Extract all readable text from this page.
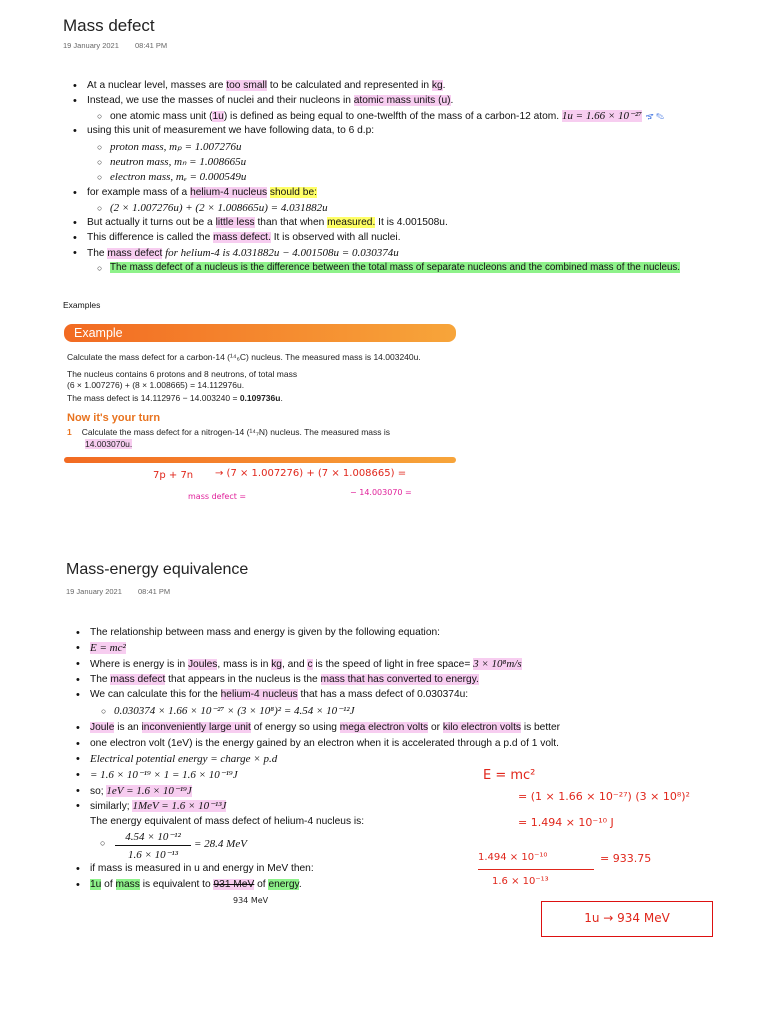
Mass defect
19 January 2021 08:41 PM
• At a nuclear level, masses are too small to be calculated and represented in kg.
• Instead, we use the masses of nuclei and their nucleons in atomic mass units (u).
○ one atomic mass unit (1u) is defined as being equal to one-twelfth of the mass of a carbon-12 atom. 1u = 1.66 × 10⁻²⁷ ኇ ✎
• using this unit of measurement we have following data, to 6 d.p:
○ proton mass, mₚ = 1.007276u
○ neutron mass, mₙ = 1.008665u
○ electron mass, mₑ = 0.000549u
• for example mass of a helium-4 nucleus should be:
○ (2 × 1.007276u) + (2 × 1.008665u) = 4.031882u
• But actually it turns out be a little less than that when measured. It is 4.001508u.
• This difference is called the mass defect. It is observed with all nuclei.
• The mass defect for helium-4 is 4.031882u − 4.001508u = 0.030374u
○ The mass defect of a nucleus is the difference between the total mass of separate nucleons and the combined mass of the nucleus.
Examples
Example
Calculate the mass defect for a carbon-14 (¹⁴₆C) nucleus. The measured mass is 14.003240u.
The nucleus contains 6 protons and 8 neutrons, of total mass
(6 × 1.007276) + (8 × 1.008665) = 14.112976u.
The mass defect is 14.112976 − 14.003240 = 0.109736u.
Now it's your turn
1 Calculate the mass defect for a nitrogen-14 (¹⁴₇N) nucleus. The measured mass is
14.003070u.
7p + 7n → (7 × 1.007276) + (7 × 1.008665) =
mass defect =	− 14.003070 =
Mass-energy equivalence
19 January 2021 08:41 PM
• The relationship between mass and energy is given by the following equation:
• E = mc²
• Where is energy is in Joules, mass is in kg, and c is the speed of light in free space= 3 × 10⁸m/s
• The mass defect that appears in the nucleus is the mass that has converted to energy.
• We can calculate this for the helium-4 nucleus that has a mass defect of 0.030374u:
○ 0.030374 × 1.66 × 10⁻²⁷ × (3 × 10⁸)² = 4.54 × 10⁻¹²J
• Joule is an inconveniently large unit of energy so using mega electron volts or kilo electron volts is better
• one electron volt (1eV) is the energy gained by an electron when it is accelerated through a p.d of 1 volt.
• Electrical potential energy = charge × p.d
• = 1.6 × 10⁻¹⁹ × 1 = 1.6 × 10⁻¹⁹J
• so; 1eV = 1.6 × 10⁻¹⁹J
• similarly; 1MeV = 1.6 × 10⁻¹³J
The energy equivalent of mass defect of helium-4 nucleus is:
○	4.54 × 10⁻¹²
1.6 × 10⁻¹³
= 28.4 MeV
• if mass is measured in u and energy in MeV then:
• 1u of mass is equivalent to 931 MeV of energy.
934 MeV
E = mc²
= (1 × 1.66 × 10⁻²⁷) (3 × 10⁸)²
= 1.494 × 10⁻¹⁰ J
1.494 × 10⁻¹⁰
1.6 × 10⁻¹³
= 933.75
1u → 934 MeV
